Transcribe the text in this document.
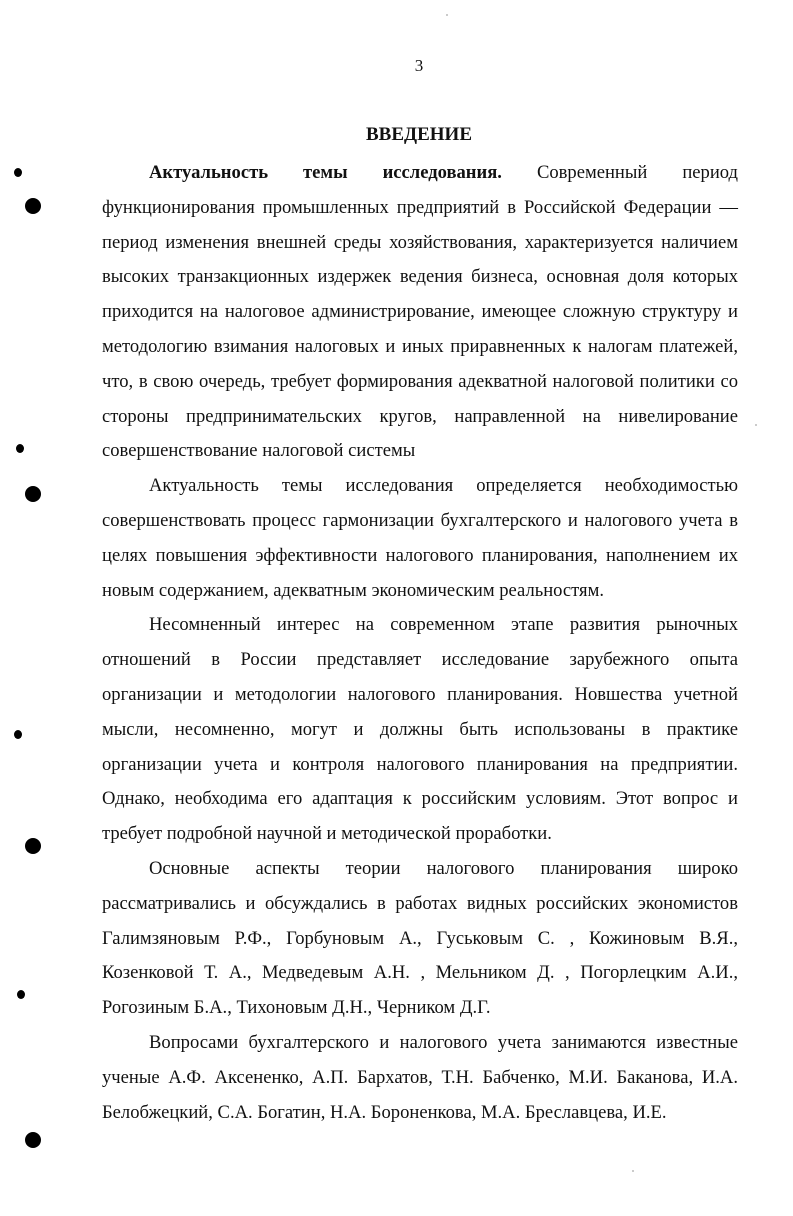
3
ВВЕДЕНИЕ

Актуальность темы исследования. Современный период функционирования промышленных предприятий в Российской Федерации — период изменения внешней среды хозяйствования, характеризуется наличием высоких транзакционных издержек ведения бизнеса, основная доля которых приходится на налоговое администрирование, имеющее сложную структуру и методологию взимания налоговых и иных приравненных к налогам платежей, что, в свою очередь, требует формирования адекватной налоговой политики со стороны предпринимательских кругов, направленной на нивелирование совершенствование налоговой системы

Актуальность темы исследования определяется необходимостью совершенствовать процесс гармонизации бухгалтерского и налогового учета в целях повышения эффективности налогового планирования, наполнением их новым содержанием, адекватным экономическим реальностям.

Несомненный интерес на современном этапе развития рыночных отношений в России представляет исследование зарубежного опыта организации и методологии налогового планирования. Новшества учетной мысли, несомненно, могут и должны быть использованы в практике организации учета и контроля налогового планирования на предприятии. Однако, необходима его адаптация к российским условиям. Этот вопрос и требует подробной научной и методической проработки.

Основные аспекты теории налогового планирования широко рассматривались и обсуждались в работах видных российских экономистов Галимзяновым Р.Ф., Горбуновым А., Гуськовым С. , Кожиновым В.Я., Козенковой Т. А., Медведевым А.Н. , Мельником Д. , Погорлецким А.И., Рогозиным Б.А., Тихоновым Д.Н., Черником Д.Г.

Вопросами бухгалтерского и налогового учета занимаются известные ученые А.Ф. Аксененко, А.П. Бархатов, Т.Н. Бабченко, М.И. Баканова, И.А. Белобжецкий, С.А. Богатин, Н.А. Бороненкова, М.А. Бреславцева, И.Е.
